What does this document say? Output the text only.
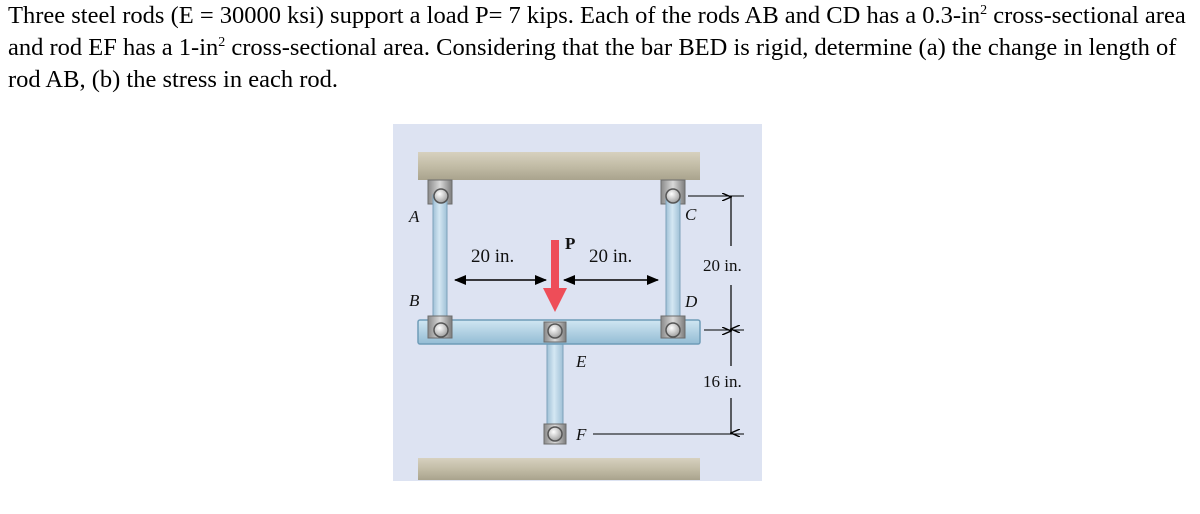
Three steel rods (E = 30000 ksi) support a load P= 7 kips. Each of the rods AB and CD has a $0.3-in^2$ cross-sectional area and rod EF has a $1-in^2$ cross-sectional area. Considering that the bar BED is rigid, determine (a) the change in length of rod AB, (b) the stress in each rod.

A
B
C
D
E
F
P
20 in.	20 in.	20 in.
16 in.
